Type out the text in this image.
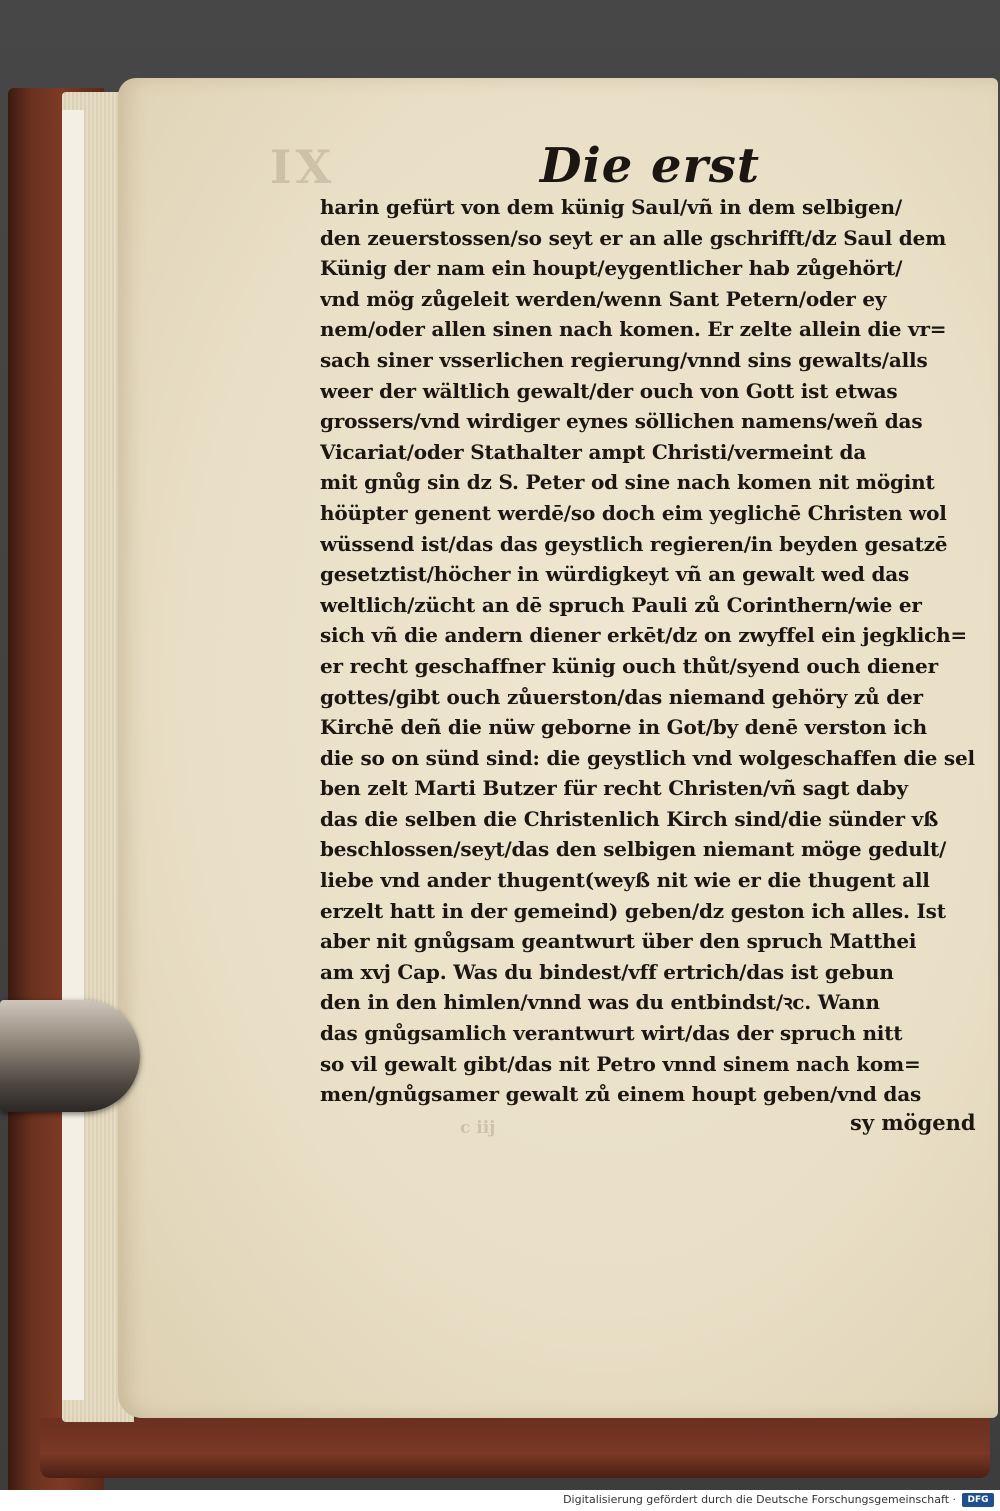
IX	Die erst
harin gefürt von dem künig Saul/vñ in dem selbigen/
den zeuerstossen/so seyt er an alle gschrifft/dz Saul dem
Künig der nam ein houpt/eygentlicher hab zůgehört/
vnd mög zůgeleit werden/wenn Sant Petern/oder ey
nem/oder allen sinen nach komen. Er zelte allein die vr=
sach siner vsserlichen regierung/vnnd sins gewalts/alls
weer der wältlich gewalt/der ouch von Gott ist etwas
grossers/vnd wirdiger eynes söllichen namens/weñ das
Vicariat/oder Stathalter ampt Christi/vermeint da
mit gnůg sin dz S. Peter od sine nach komen nit mögint
höüpter genent werdē/so doch eim yeglichē Christen wol
wüssend ist/das das geystlich regieren/in beyden gesatzē
gesetztist/höcher in würdigkeyt vñ an gewalt wed das
weltlich/zücht an dē spruch Pauli zů Corinthern/wie er
sich vñ die andern diener erkēt/dz on zwyffel ein jegklich=
er recht geschaffner künig ouch thůt/syend ouch diener
gottes/gibt ouch zůuerston/das niemand gehöry zů der
Kirchē deñ die nüw geborne in Got/by denē verston ich
die so on sünd sind: die geystlich vnd wolgeschaffen die sel
ben zelt Marti Butzer für recht Christen/vñ sagt daby
das die selben die Christenlich Kirch sind/die sünder vß
beschlossen/seyt/das den selbigen niemant möge gedult/
liebe vnd ander thugent(weyß nit wie er die thugent all
erzelt hatt in der gemeind) geben/dz geston ich alles. Ist
aber nit gnůgsam geantwurt über den spruch Matthei
am xvj Cap. Was du bindest/vff ertrich/das ist gebun
den in den himlen/vnnd was du entbindst/ꝛc. Wann
das gnůgsamlich verantwurt wirt/das der spruch nitt
so vil gewalt gibt/das nit Petro vnnd sinem nach kom=
men/gnůgsamer gewalt zů einem houpt geben/vnd das
sy mögend
c iij
Digitalisierung gefördert durch die Deutsche Forschungsgemeinschaft ·	DFG
